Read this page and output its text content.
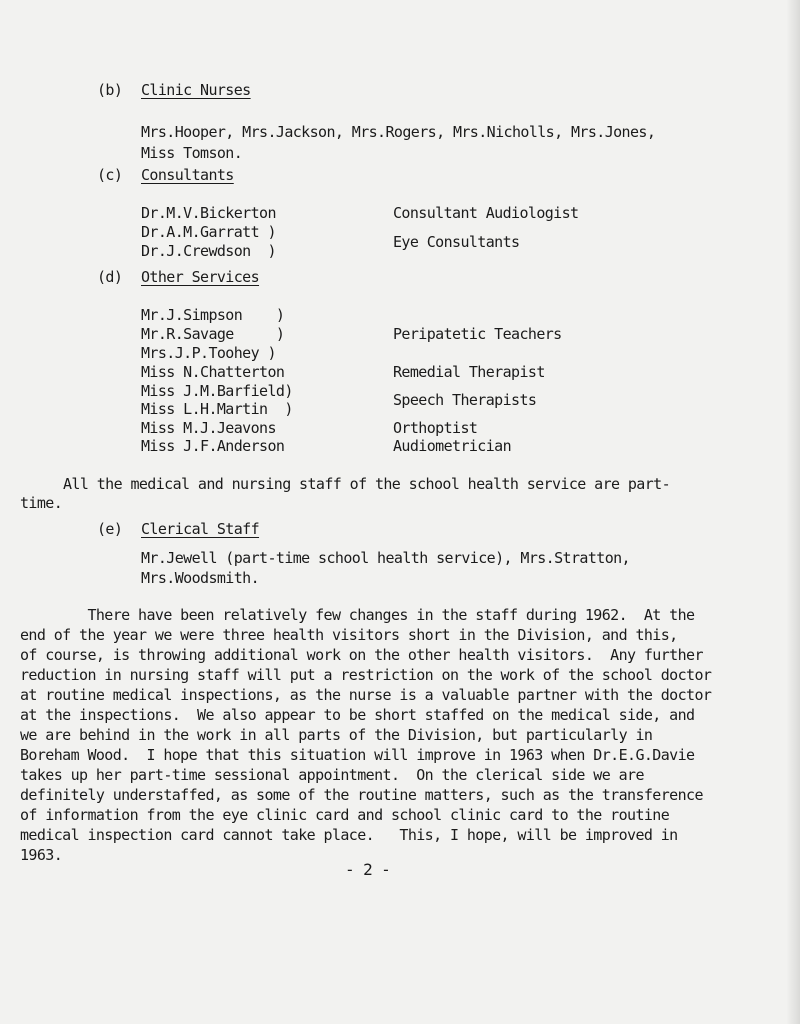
(b) Clinic Nurses
Mrs.Hooper, Mrs.Jackson, Mrs.Rogers, Mrs.Nicholls, Mrs.Jones,
Miss Tomson.
(c) Consultants
Dr.M.V.Bickerton
Dr.A.M.Garratt )
Dr.J.Crewdson  )
Consultant Audiologist
Eye Consultants
(d) Other Services
Mr.J.Simpson    )
Mr.R.Savage     )
Mrs.J.P.Toohey )
Miss N.Chatterton
Miss J.M.Barfield)
Miss L.H.Martin  )
Miss M.J.Jeavons
Miss J.F.Anderson
Peripatetic Teachers
Remedial Therapist
Speech Therapists
Orthoptist
Audiometrician
All the medical and nursing staff of the school health service are part-
time.
(e) Clerical Staff
Mr.Jewell (part-time school health service), Mrs.Stratton,
Mrs.Woodsmith.
There have been relatively few changes in the staff during 1962.  At the
end of the year we were three health visitors short in the Division, and this,
of course, is throwing additional work on the other health visitors.  Any further
reduction in nursing staff will put a restriction on the work of the school doctor
at routine medical inspections, as the nurse is a valuable partner with the doctor
at the inspections.  We also appear to be short staffed on the medical side, and
we are behind in the work in all parts of the Division, but particularly in
Boreham Wood.  I hope that this situation will improve in 1963 when Dr.E.G.Davie
takes up her part-time sessional appointment.  On the clerical side we are
definitely understaffed, as some of the routine matters, such as the transference
of information from the eye clinic card and school clinic card to the routine
medical inspection card cannot take place.   This, I hope, will be improved in
1963.
- 2 -
